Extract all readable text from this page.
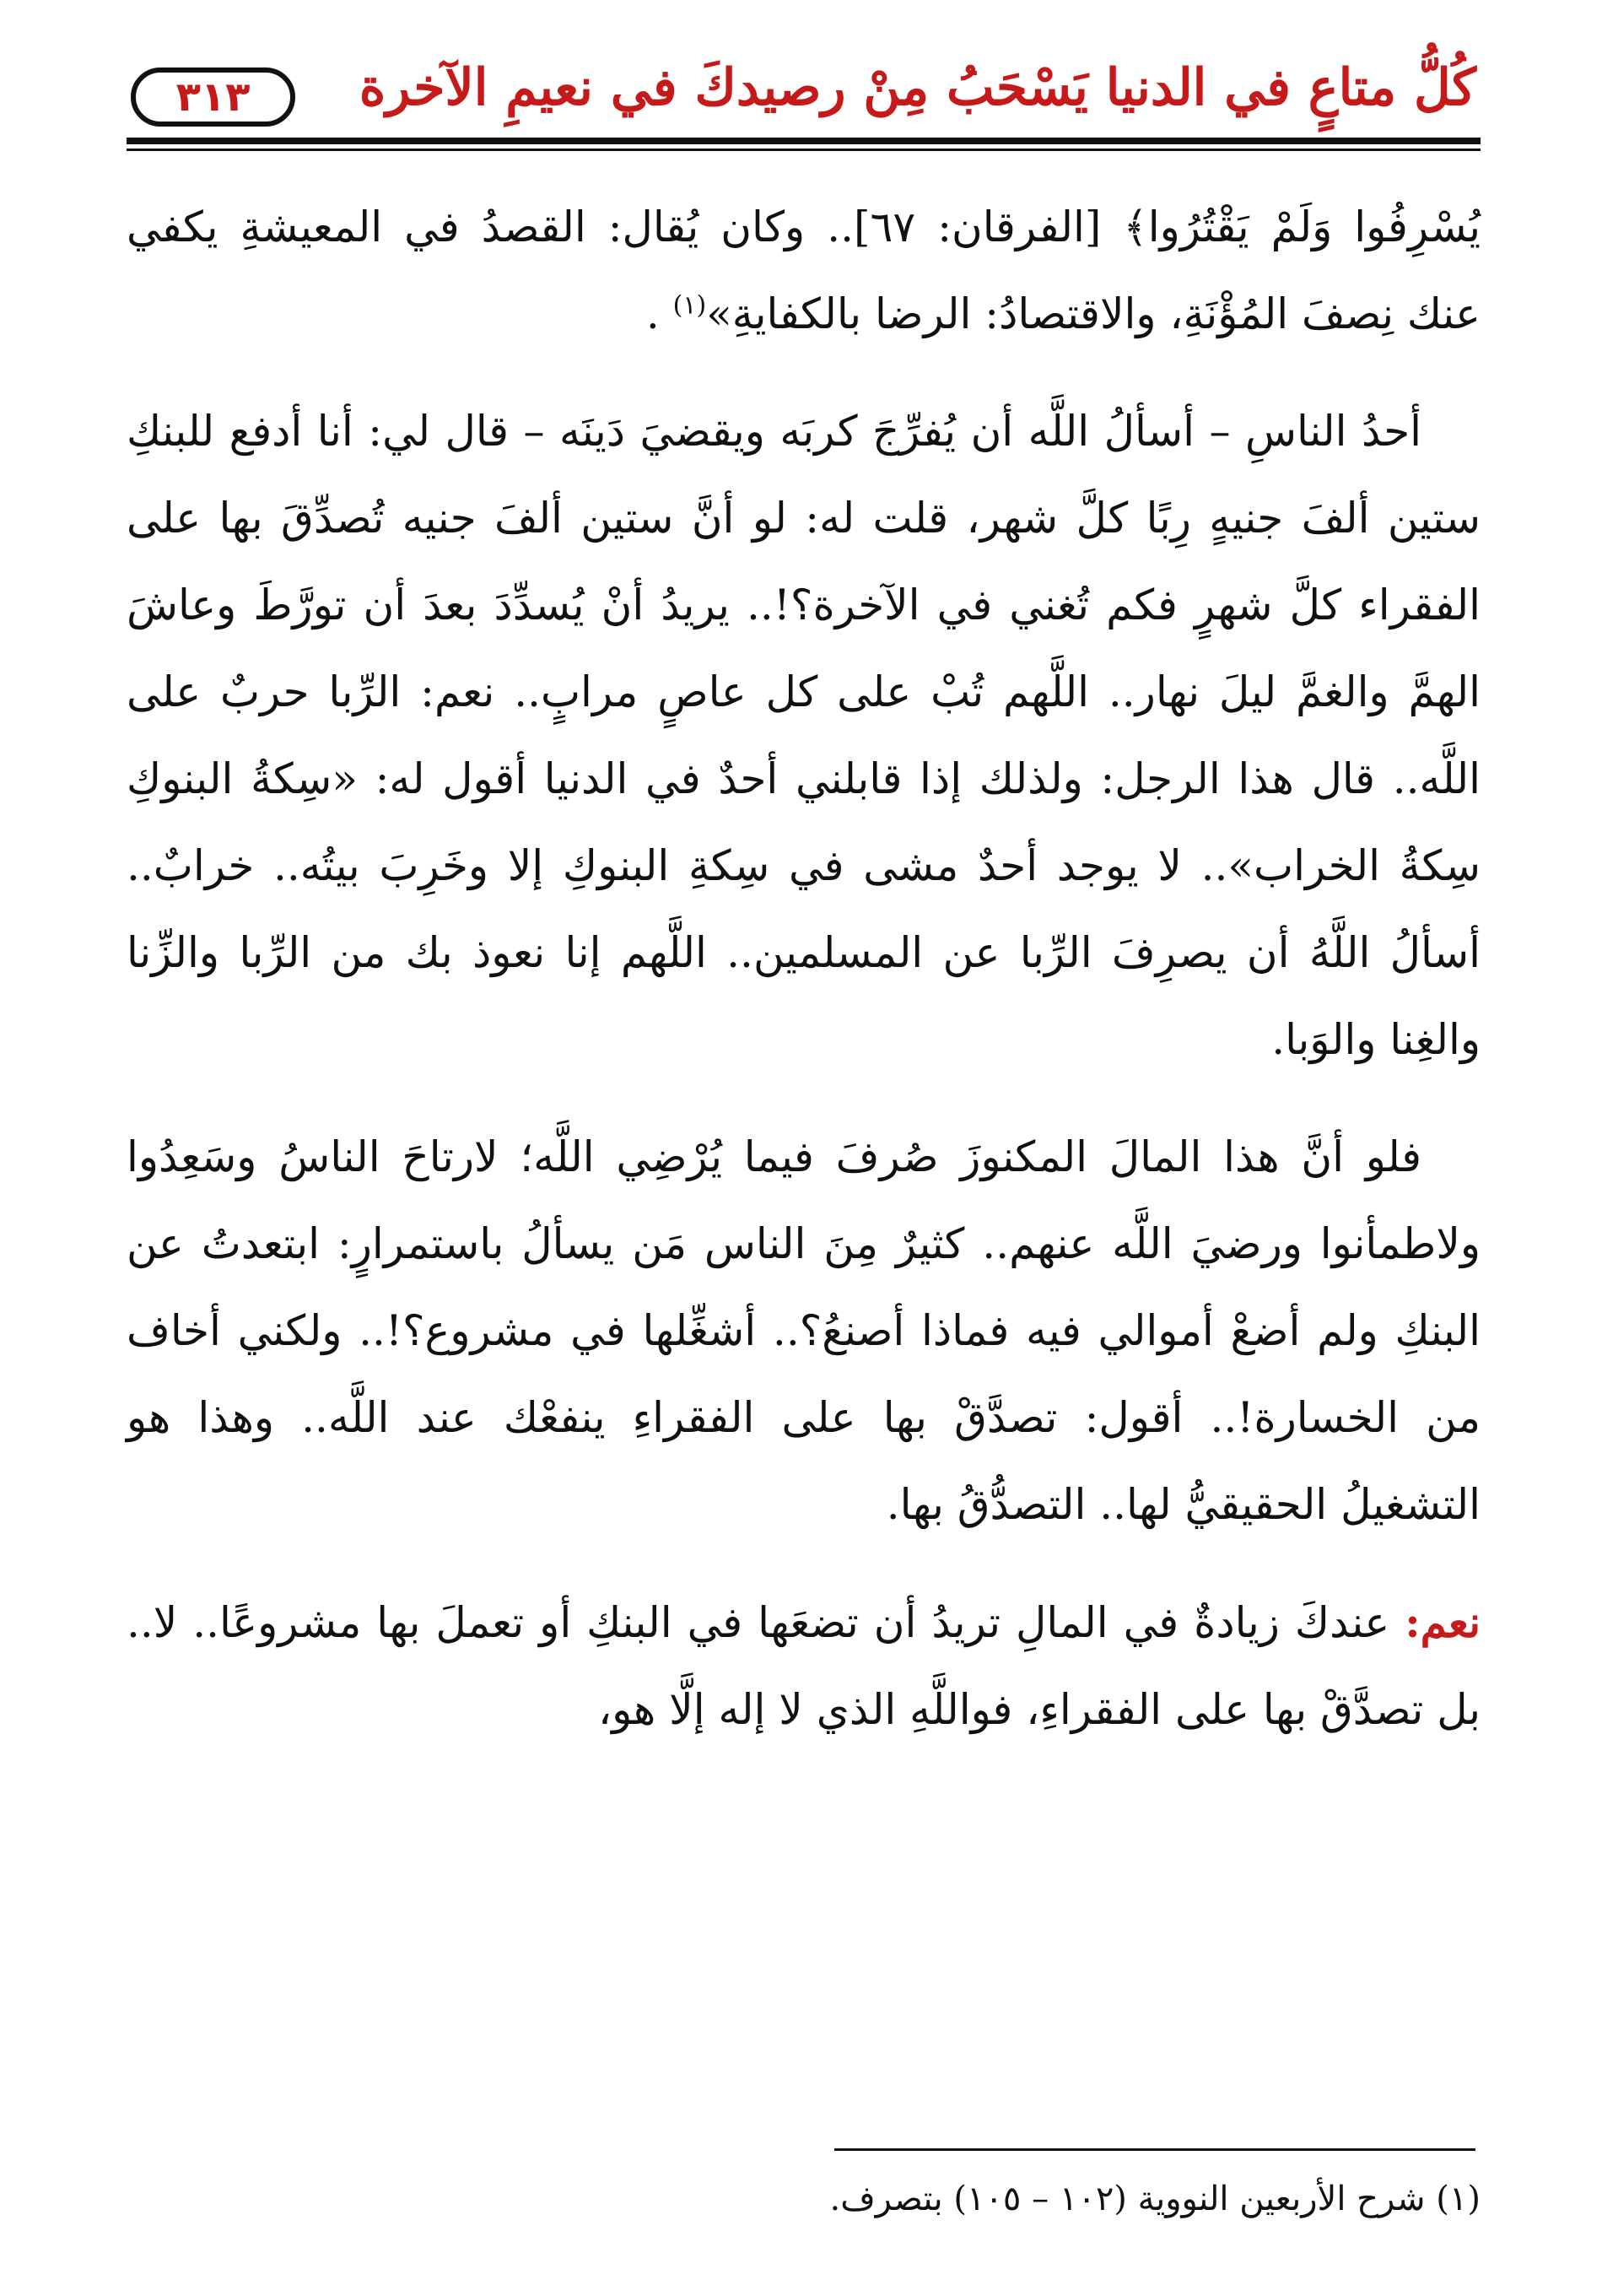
كُلُّ متاعٍ في الدنيا يَسْحَبُ مِنْ رصيدكَ في نعيمِ الآخرة
٣١٣

يُسْرِفُوا وَلَمْ يَقْتُرُوا﴾ [الفرقان: ٦٧].. وكان يُقال: القصدُ في المعيشةِ يكفي عنك نِصفَ المُؤْنَةِ، والاقتصادُ: الرضا بالكفايةِ»$^{(١)}$ .

أحدُ الناسِ – أسألُ اللَّه أن يُفرِّجَ كربَه ويقضيَ دَينَه – قال لي: أنا أدفع للبنكِ ستين ألفَ جنيهٍ رِبًا كلَّ شهر، قلت له: لو أنَّ ستين ألفَ جنيه تُصدِّقَ بها على الفقراء كلَّ شهرٍ فكم تُغني في الآخرة؟!.. يريدُ أنْ يُسدِّدَ بعدَ أن تورَّطَ وعاشَ الهمَّ والغمَّ ليلَ نهار.. اللَّهم تُبْ على كل عاصٍ مرابٍ.. نعم: الرِّبا حربٌ على اللَّه.. قال هذا الرجل: ولذلك إذا قابلني أحدٌ في الدنيا أقول له: «سِكةُ البنوكِ سِكةُ الخراب».. لا يوجد أحدٌ مشى في سِكةِ البنوكِ إلا وخَرِبَ بيتُه.. خرابٌ.. أسألُ اللَّهُ أن يصرِفَ الرِّبا عن المسلمين.. اللَّهم إنا نعوذ بك من الرِّبا والزِّنا والغِنا والوَبا.

فلو أنَّ هذا المالَ المكنوزَ صُرفَ فيما يُرْضِي اللَّه؛ لارتاحَ الناسُ وسَعِدُوا ولاطمأنوا ورضيَ اللَّه عنهم.. كثيرٌ مِنَ الناس مَن يسألُ باستمرارٍ: ابتعدتُ عن البنكِ ولم أضعْ أموالي فيه فماذا أصنعُ؟.. أشغِّلها في مشروع؟!.. ولكني أخاف من الخسارة!.. أقول: تصدَّقْ بها على الفقراءِ ينفعْك عند اللَّه.. وهذا هو التشغيلُ الحقيقيُّ لها.. التصدُّقُ بها.

نعم: عندكَ زيادةٌ في المالِ تريدُ أن تضعَها في البنكِ أو تعملَ بها مشروعًا.. لا.. بل تصدَّقْ بها على الفقراءِ، فواللَّهِ الذي لا إله إلَّا هو،

(١) شرح الأربعين النووية (١٠٢ – ١٠٥) بتصرف.
